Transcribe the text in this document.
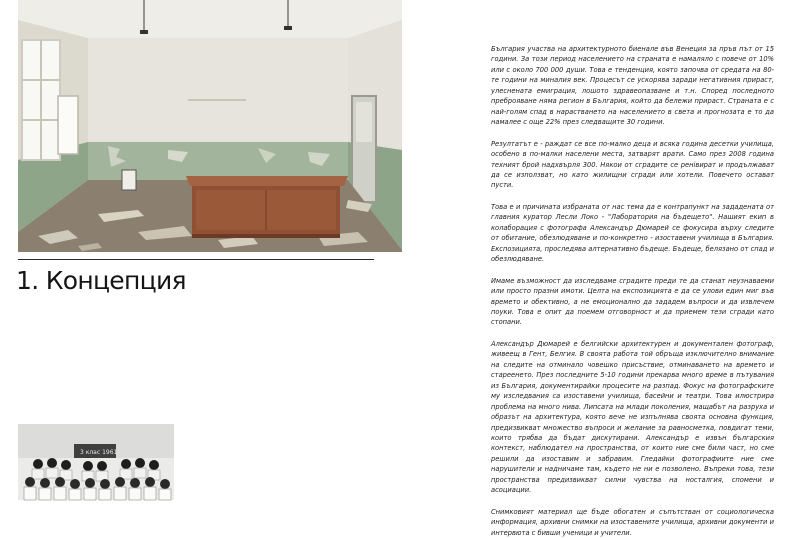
1. Концепция
3 клас 1961

България участва на архитектурното биенале във Венеция за пръв път от 15 години. За този период населението на страната е намаляло с повече от 10% или с около 700 000 души. Това е тенденция, която започва от средата на 80-те години на миналия век. Процесът се ускорява заради негативния прираст, улеснената емиграция, лошото здравеопазване и т.н. Според последното преброяване няма регион в България, който да бележи прираст. Страната е с най-голям спад в нарастването на населението в света и прогнозата е то да намалее с още 22% през следващите 30 години.

Резултатът е - раждат се все по-малко деца и всяка година десетки училища, особено в по-малки населени места, затварят врати. Само през 2008 година техният брой надхвърля 300. Някои от сградите се ренівират и продължават да се използват, но като жилищни сгради или хотели. Повечето остават пусти.

Това е и причината избраната от нас тема да е контрапункт на зададената от главния куратор Лесли Локо - "Лаборатория на бъдещето". Нашият екип в колаборация с фотографа Александър Дюмарей се фокусира върху следите от обитание, обезлюдяване и по-конкретно - изоставени училища в България. Експозицията, проследява алтернативно бъдеще. Бъдеще, белязано от спад и обезлюдяване.

Имаме възможност да изследваме сградите преди те да станат неузнаваеми или просто празни имоти. Целта на експозицията е да се улови един миг във времето и обективно, а не емоционално да зададем въпроси и да извлечем поуки. Това е опит да поемем отговорност и да приемем тези сгради като стопани.

Александър Дюмарей е белгийски архитектурен и документален фотограф, живеещ в Гент, Белгия. В своята работа той обръща изключително внимание на следите на отминало човешко присъствие, отминаването на времето и стареенето. През последните 5-10 години прекарва много време в пътувания из България, документирайки процесите на разпад. Фокус на фотографските му изследвания са изоставени училища, басейни и театри. Това илюстрира проблема на много нива. Липсата на млади поколения, мащабът на разруха и образът на архитектура, която вече не изпълнява своята основна функция, предизвикват множество въпроси и желание за равносметка, повдигат теми, които трябва да бъдат дискутирани. Александър е извън българския контекст, наблюдател на пространства, от които ние сме били част, но сме решили да изоставим и забравим. Гледайки фотографиите ние сме нарушители и надничаме там, където не ни е позволено. Въпреки това, тези пространства предизвикват силни чувства на носталгия, спомени и асоциации.

Снимковият материал ще бъде обогатен и съпътстван от социологическа информация, архивни снимки на изоставените училища, архивни документи и интервюта с бивши ученици и учители.
